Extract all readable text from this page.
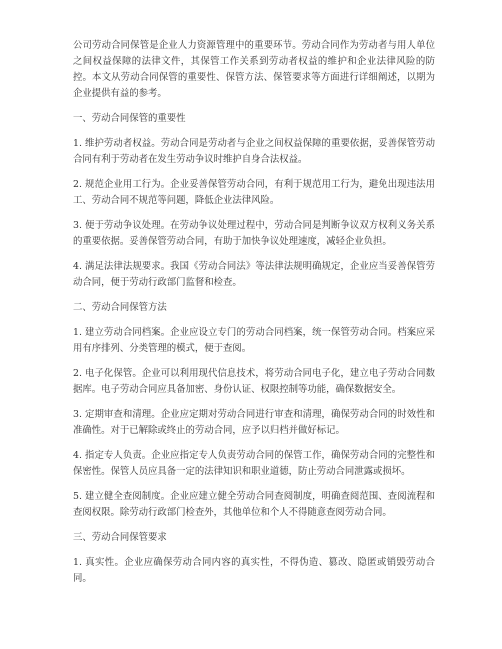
公司劳动合同保管是企业人力资源管理中的重要环节。劳动合同作为劳动者与用人单位之间权益保障的法律文件，其保管工作关系到劳动者权益的维护和企业法律风险的防控。本文从劳动合同保管的重要性、保管方法、保管要求等方面进行详细阐述，以期为企业提供有益的参考。

一、劳动合同保管的重要性

1. 维护劳动者权益。劳动合同是劳动者与企业之间权益保障的重要依据，妥善保管劳动合同有利于劳动者在发生劳动争议时维护自身合法权益。

2. 规范企业用工行为。企业妥善保管劳动合同，有利于规范用工行为，避免出现违法用工、劳动合同不规范等问题，降低企业法律风险。

3. 便于劳动争议处理。在劳动争议处理过程中，劳动合同是判断争议双方权利义务关系的重要依据。妥善保管劳动合同，有助于加快争议处理速度，减轻企业负担。

4. 满足法律法规要求。我国《劳动合同法》等法律法规明确规定，企业应当妥善保管劳动合同，便于劳动行政部门监督和检查。

二、劳动合同保管方法

1. 建立劳动合同档案。企业应设立专门的劳动合同档案，统一保管劳动合同。档案应采用有序排列、分类管理的模式，便于查阅。

2. 电子化保管。企业可以利用现代信息技术，将劳动合同电子化，建立电子劳动合同数据库。电子劳动合同应具备加密、身份认证、权限控制等功能，确保数据安全。

3. 定期审查和清理。企业应定期对劳动合同进行审查和清理，确保劳动合同的时效性和准确性。对于已解除或终止的劳动合同，应予以归档并做好标记。

4. 指定专人负责。企业应指定专人负责劳动合同的保管工作，确保劳动合同的完整性和保密性。保管人员应具备一定的法律知识和职业道德，防止劳动合同泄露或损坏。

5. 建立健全查阅制度。企业应建立健全劳动合同查阅制度，明确查阅范围、查阅流程和查阅权限。除劳动行政部门检查外，其他单位和个人不得随意查阅劳动合同。

三、劳动合同保管要求

1. 真实性。企业应确保劳动合同内容的真实性，不得伪造、篡改、隐匿或销毁劳动合同。
